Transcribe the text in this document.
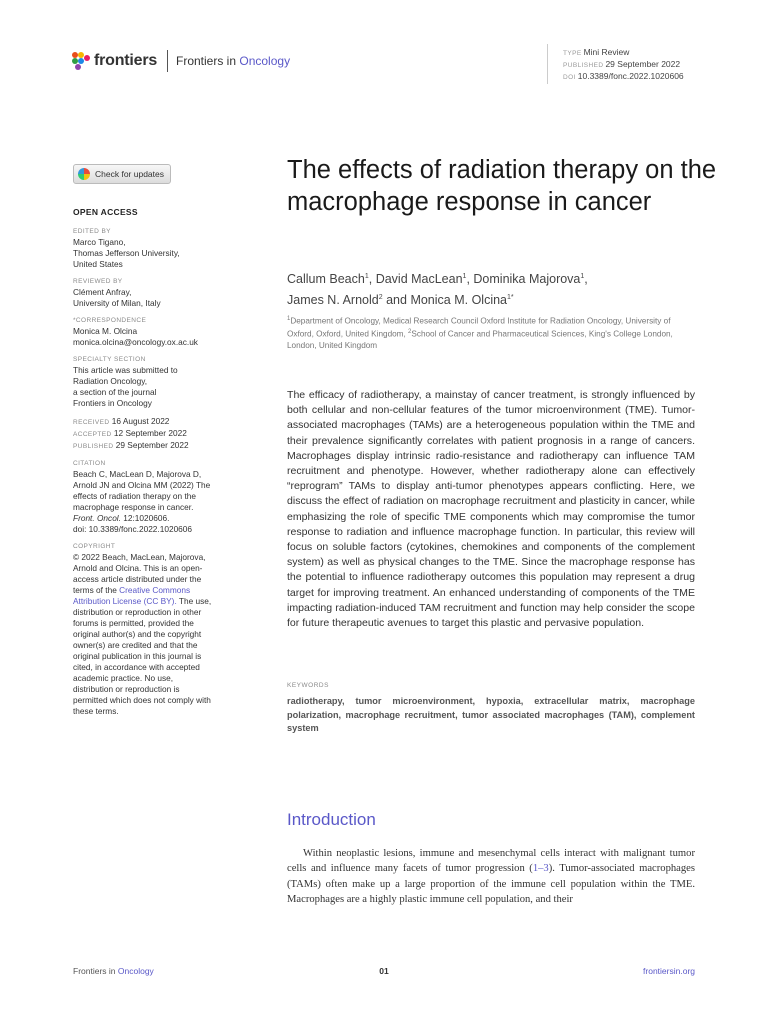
frontiers Frontiers in Oncology
TYPE Mini Review
PUBLISHED 29 September 2022
DOI 10.3389/fonc.2022.1020606
Check for updates
OPEN ACCESS
EDITED BY
Marco Tigano,
Thomas Jefferson University,
United States
REVIEWED BY
Clément Anfray,
University of Milan, Italy
*CORRESPONDENCE
Monica M. Olcina
monica.olcina@oncology.ox.ac.uk
SPECIALTY SECTION
This article was submitted to
Radiation Oncology,
a section of the journal
Frontiers in Oncology
RECEIVED 16 August 2022
ACCEPTED 12 September 2022
PUBLISHED 29 September 2022
CITATION
Beach C, MacLean D, Majorova D,
Arnold JN and Olcina MM (2022) The
effects of radiation therapy on the
macrophage response in cancer.
Front. Oncol. 12:1020606.
doi: 10.3389/fonc.2022.1020606
COPYRIGHT
© 2022 Beach, MacLean, Majorova,
Arnold and Olcina. This is an open-
access article distributed under the
terms of the Creative Commons
Attribution License (CC BY). The use,
distribution or reproduction in other
forums is permitted, provided the
original author(s) and the copyright
owner(s) are credited and that the
original publication in this journal is
cited, in accordance with accepted
academic practice. No use,
distribution or reproduction is
permitted which does not comply with
these terms.
The effects of radiation therapy on the macrophage response in cancer
Callum Beach$^1$, David MacLean$^1$, Dominika Majorova$^1$,
James N. Arnold$^2$ and Monica M. Olcina$^{1*}$
$^1$Department of Oncology, Medical Research Council Oxford Institute for Radiation Oncology, University of Oxford, Oxford, United Kingdom, $^2$School of Cancer and Pharmaceutical Sciences, King's College London, London, United Kingdom
The efficacy of radiotherapy, a mainstay of cancer treatment, is strongly influenced by both cellular and non-cellular features of the tumor microenvironment (TME). Tumor-associated macrophages (TAMs) are a heterogeneous population within the TME and their prevalence significantly correlates with patient prognosis in a range of cancers. Macrophages display intrinsic radio-resistance and radiotherapy can influence TAM recruitment and phenotype. However, whether radiotherapy alone can effectively “reprogram” TAMs to display anti-tumor phenotypes appears conflicting. Here, we discuss the effect of radiation on macrophage recruitment and plasticity in cancer, while emphasizing the role of specific TME components which may compromise the tumor response to radiation and influence macrophage function. In particular, this review will focus on soluble factors (cytokines, chemokines and components of the complement system) as well as physical changes to the TME. Since the macrophage response has the potential to influence radiotherapy outcomes this population may represent a drug target for improving treatment. An enhanced understanding of components of the TME impacting radiation-induced TAM recruitment and function may help consider the scope for future therapeutic avenues to target this plastic and pervasive population.
KEYWORDS
radiotherapy, tumor microenvironment, hypoxia, extracellular matrix, macrophage polarization, macrophage recruitment, tumor associated macrophages (TAM), complement system
Introduction
Within neoplastic lesions, immune and mesenchymal cells interact with malignant tumor cells and influence many facets of tumor progression (1–3). Tumor-associated macrophages (TAMs) often make up a large proportion of the immune cell population within the TME. Macrophages are a highly plastic immune cell population, and their
Frontiers in Oncology	01	frontiersin.org
